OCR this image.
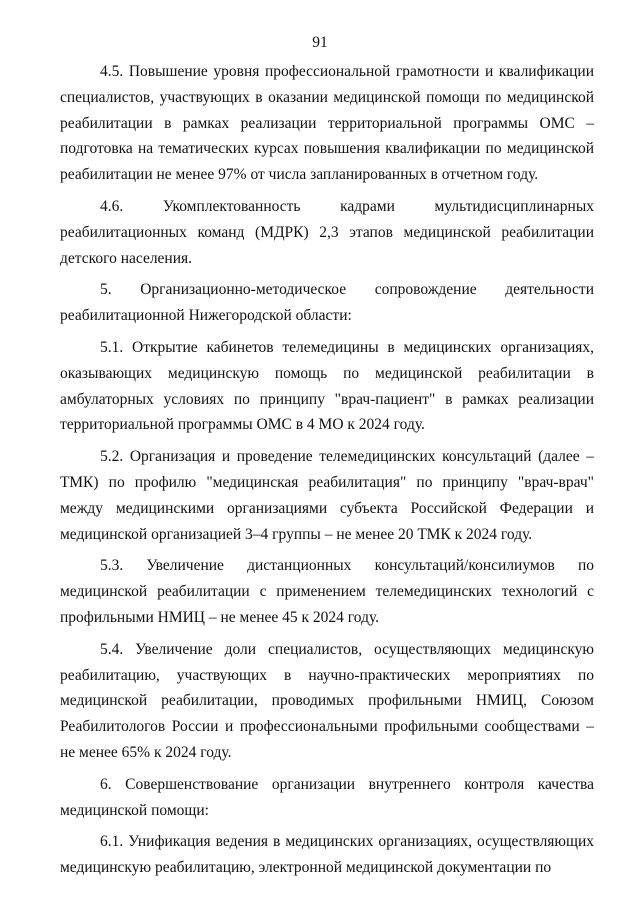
91

4.5. Повышение уровня профессиональной грамотности и квалификации специалистов, участвующих в оказании медицинской помощи по медицинской реабилитации в рамках реализации территориальной программы ОМС – подготовка на тематических курсах повышения квалификации по медицинской реабилитации не менее 97% от числа запланированных в отчетном году.

4.6. Укомплектованность кадрами мультидисциплинарных реабилитационных команд (МДРК) 2,3 этапов медицинской реабилитации детского населения.

5. Организационно-методическое сопровождение деятельности реабилитационной Нижегородской области:

5.1. Открытие кабинетов телемедицины в медицинских организациях, оказывающих медицинскую помощь по медицинской реабилитации в амбулаторных условиях по принципу "врач-пациент" в рамках реализации территориальной программы ОМС в 4 МО к 2024 году.

5.2. Организация и проведение телемедицинских консультаций (далее – ТМК) по профилю "медицинская реабилитация" по принципу "врач-врач" между медицинскими организациями субъекта Российской Федерации и медицинской организацией 3–4 группы – не менее 20 ТМК к 2024 году.

5.3. Увеличение дистанционных консультаций/консилиумов по медицинской реабилитации с применением телемедицинских технологий с профильными НМИЦ – не менее 45 к 2024 году.

5.4. Увеличение доли специалистов, осуществляющих медицинскую реабилитацию, участвующих в научно-практических мероприятиях по медицинской реабилитации, проводимых профильными НМИЦ, Союзом Реабилитологов России и профессиональными профильными сообществами – не менее 65% к 2024 году.

6. Совершенствование организации внутреннего контроля качества медицинской помощи:

6.1. Унификация ведения в медицинских организациях, осуществляющих медицинскую реабилитацию, электронной медицинской документации по
